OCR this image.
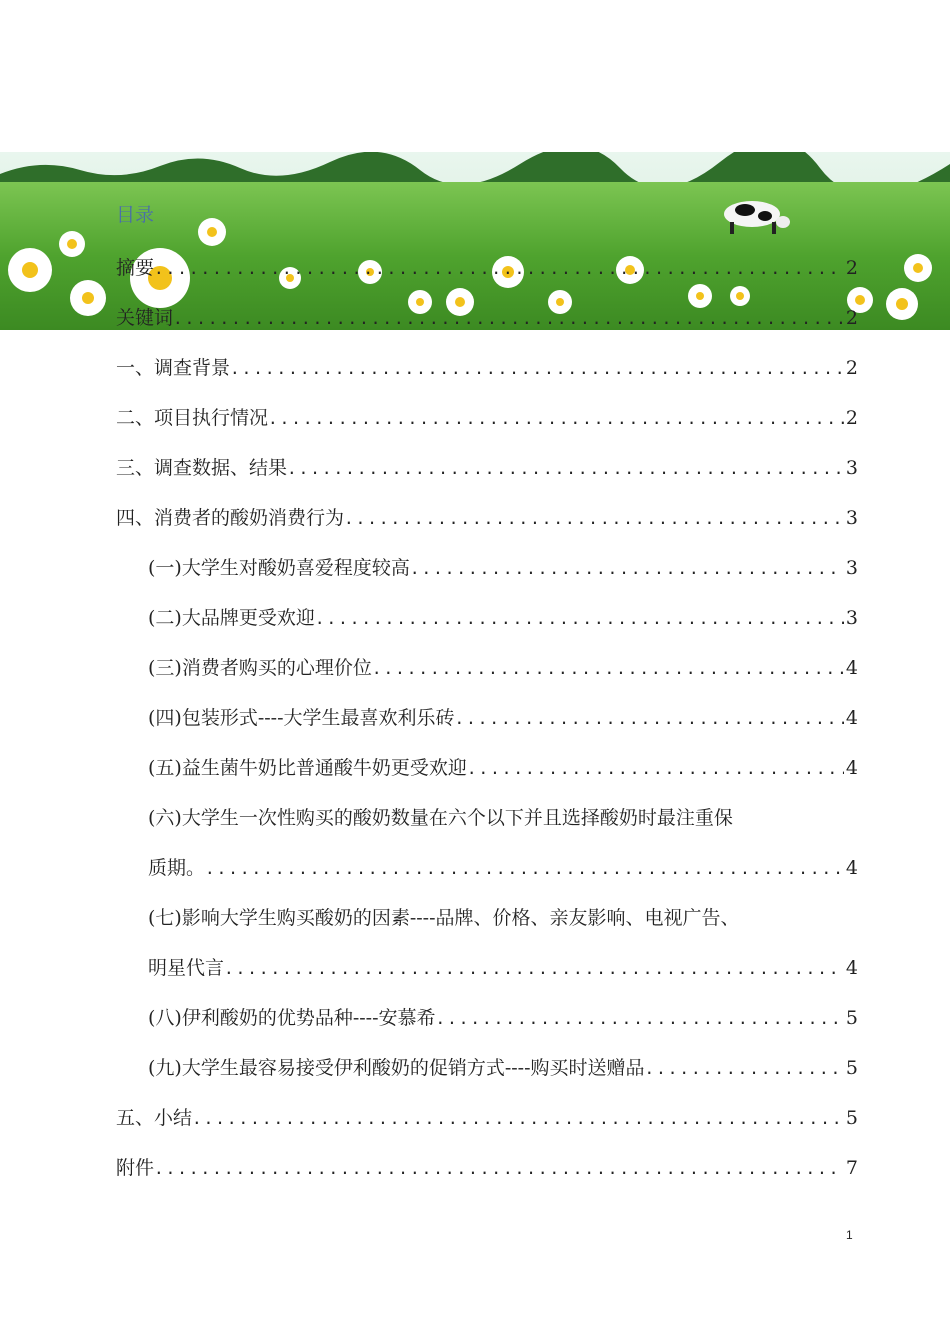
目录
摘要 .....	2
关键词 .....	2
一、调查背景 .....	2
二、项目执行情况 .....	2
三、调查数据、结果 .....	3
四、消费者的酸奶消费行为 .....	3
(一)大学生对酸奶喜爱程度较高 .....	3
(二)大品牌更受欢迎 .....	3
(三)消费者购买的心理价位 .....	4
(四)包装形式----大学生最喜欢利乐砖 .....	4
(五)益生菌牛奶比普通酸牛奶更受欢迎 .....	4
(六)大学生一次性购买的酸奶数量在六个以下并且选择酸奶时最注重保
质期。 .....	4
(七)影响大学生购买酸奶的因素----品牌、价格、亲友影响、电视广告、
明星代言 .....	4
(八)伊利酸奶的优势品种----安慕希 .....	5
(九)大学生最容易接受伊利酸奶的促销方式----购买时送赠品 .....	5
五、小结 .....	5
附件 .....	7
1
